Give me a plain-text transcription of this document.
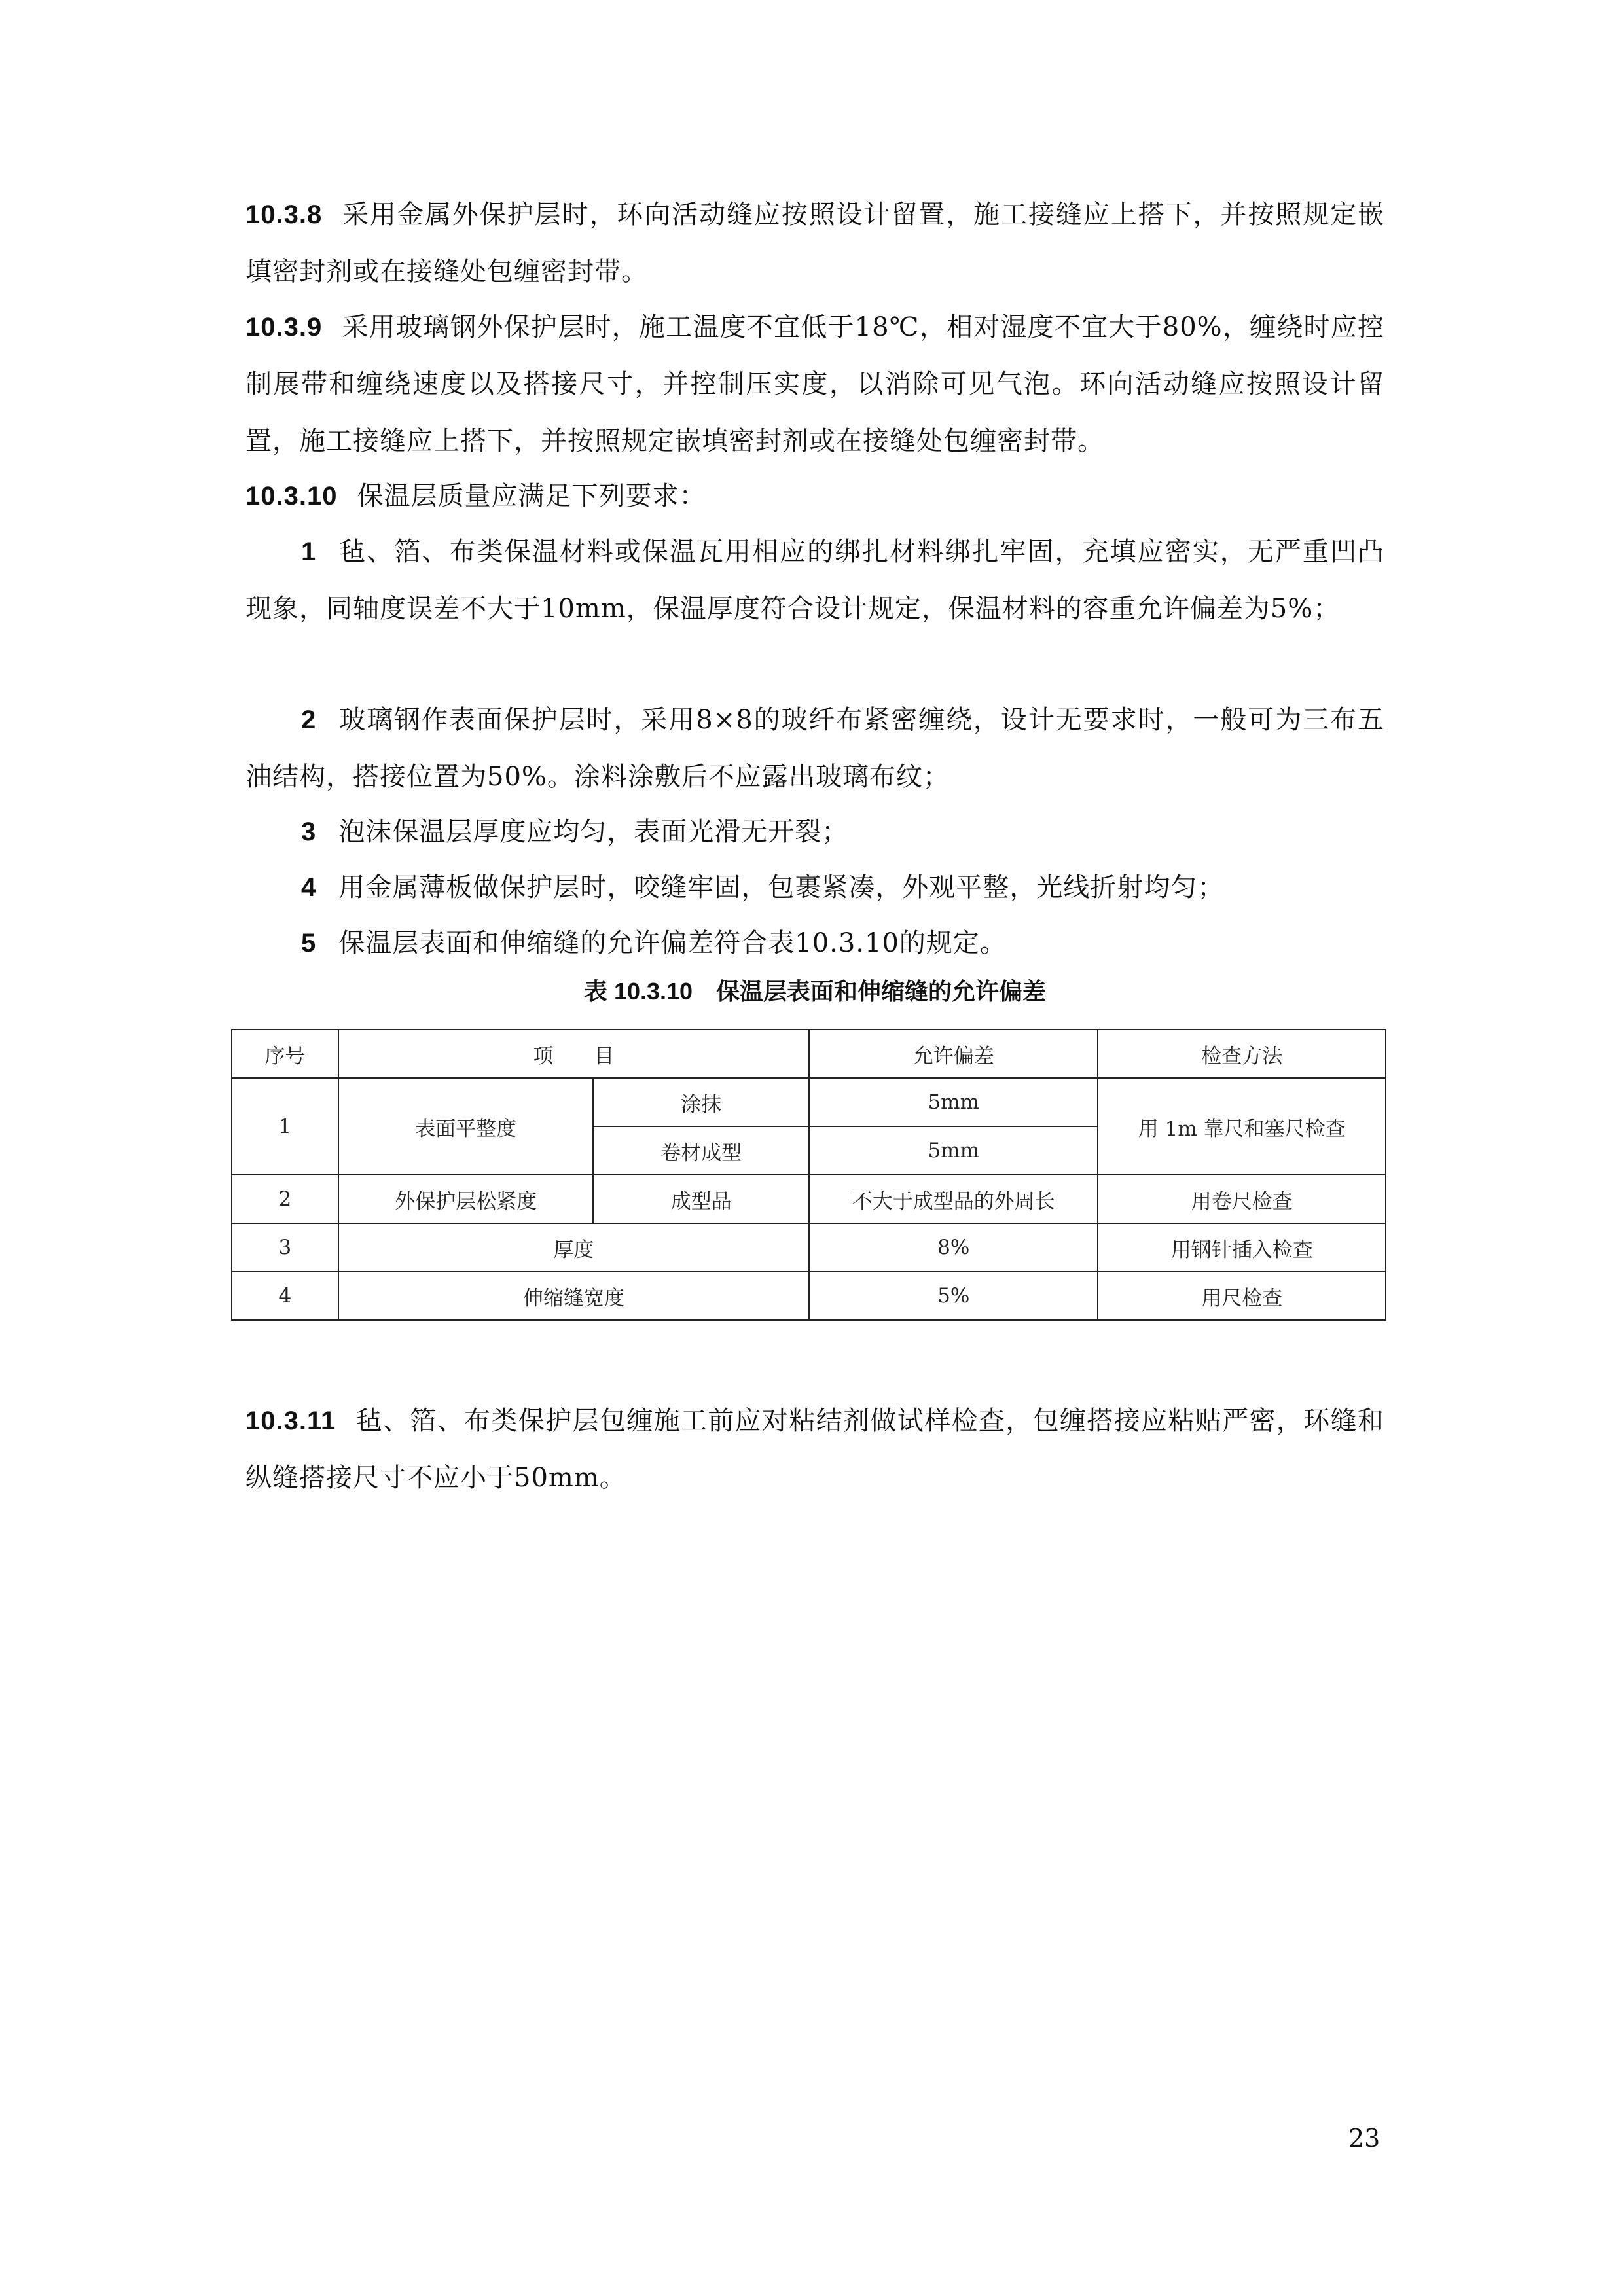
10.3.8 采用金属外保护层时，环向活动缝应按照设计留置，施工接缝应上搭下，并按照规定嵌填密封剂或在接缝处包缠密封带。
10.3.9 采用玻璃钢外保护层时，施工温度不宜低于18℃，相对湿度不宜大于80%，缠绕时应控制展带和缠绕速度以及搭接尺寸，并控制压实度，以消除可见气泡。环向活动缝应按照设计留置，施工接缝应上搭下，并按照规定嵌填密封剂或在接缝处包缠密封带。
10.3.10 保温层质量应满足下列要求：
1 毡、箔、布类保温材料或保温瓦用相应的绑扎材料绑扎牢固，充填应密实，无严重凹凸现象，同轴度误差不大于10mm，保温厚度符合设计规定，保温材料的容重允许偏差为5%；
2 玻璃钢作表面保护层时，采用8×8的玻纤布紧密缠绕，设计无要求时，一般可为三布五油结构，搭接位置为50%。涂料涂敷后不应露出玻璃布纹；
3 泡沫保温层厚度应均匀，表面光滑无开裂；
4 用金属薄板做保护层时，咬缝牢固，包裹紧凑，外观平整，光线折射均匀；
5 保温层表面和伸缩缝的允许偏差符合表10.3.10的规定。
表 10.3.10　保温层表面和伸缩缝的允许偏差
序号	项　　目		允许偏差	检查方法
1	表面平整度	涂抹	5mm	用 1m 靠尺和塞尺检查
		卷材成型	5mm	
2	外保护层松紧度	成型品	不大于成型品的外周长	用卷尺检查
3	厚度		8%	用钢针插入检查
4	伸缩缝宽度		5%	用尺检查
10.3.11 毡、箔、布类保护层包缠施工前应对粘结剂做试样检查，包缠搭接应粘贴严密，环缝和纵缝搭接尺寸不应小于50mm。
23
